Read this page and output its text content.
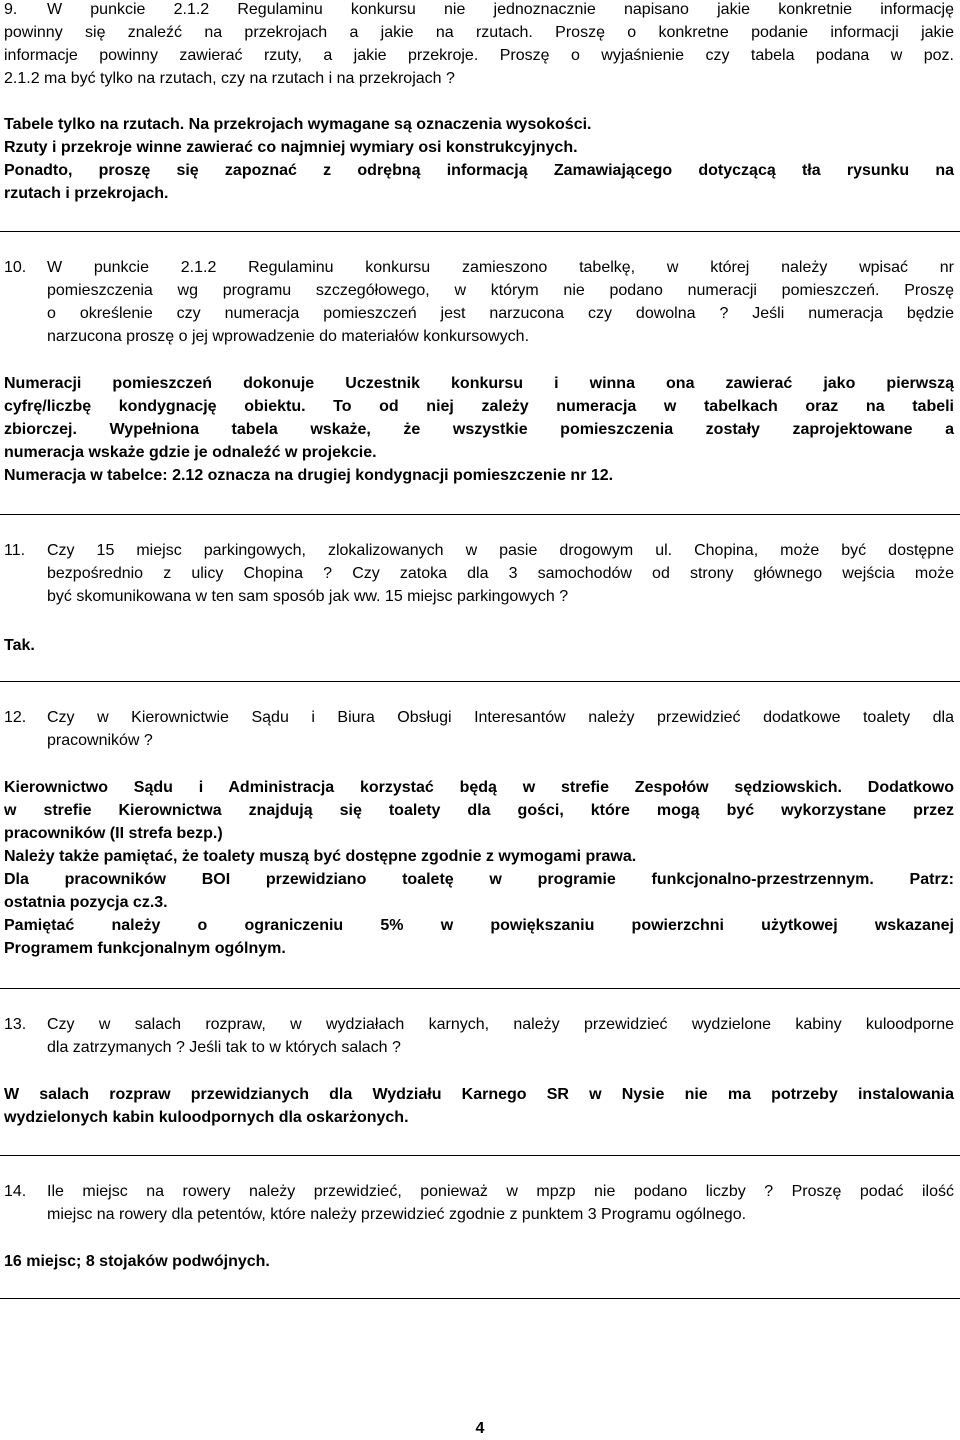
9.	W punkcie 2.1.2 Regulaminu konkursu nie jednoznacznie napisano jakie konkretnie informację
powinny się znaleźć na przekrojach a jakie na rzutach. Proszę o konkretne podanie informacji jakie
informacje powinny zawierać rzuty, a jakie przekroje. Proszę o wyjaśnienie czy tabela podana w poz.
2.1.2 ma być tylko na rzutach, czy na rzutach i na przekrojach ?
Tabele tylko na rzutach. Na przekrojach wymagane są oznaczenia wysokości.
Rzuty i przekroje winne zawierać co najmniej wymiary osi konstrukcyjnych.
Ponadto, proszę się zapoznać z odrębną informacją Zamawiającego dotyczącą tła rysunku na
rzutach i przekrojach.
10.	W punkcie 2.1.2 Regulaminu konkursu zamieszono tabelkę, w której należy wpisać nr
pomieszczenia wg programu szczegółowego, w którym nie podano numeracji pomieszczeń. Proszę
o określenie czy numeracja pomieszczeń jest narzucona czy dowolna ? Jeśli numeracja będzie
narzucona proszę o jej wprowadzenie do materiałów konkursowych.
Numeracji pomieszczeń dokonuje Uczestnik konkursu i winna ona zawierać jako pierwszą
cyfrę/liczbę kondygnację obiektu. To od niej zależy numeracja w tabelkach oraz na tabeli
zbiorczej. Wypełniona tabela wskaże, że wszystkie pomieszczenia zostały zaprojektowane a
numeracja wskaże gdzie je odnaleźć w projekcie.
Numeracja w tabelce: 2.12 oznacza na drugiej kondygnacji pomieszczenie nr 12.
11.	Czy 15 miejsc parkingowych, zlokalizowanych w pasie drogowym ul. Chopina, może być dostępne
bezpośrednio z ulicy Chopina ? Czy zatoka dla 3 samochodów od strony głównego wejścia może
być skomunikowana w ten sam sposób jak ww. 15 miejsc parkingowych ?
Tak.
12.	Czy w Kierownictwie Sądu i Biura Obsługi Interesantów należy przewidzieć dodatkowe toalety dla
pracowników ?
Kierownictwo Sądu i Administracja korzystać będą w strefie Zespołów sędziowskich. Dodatkowo
w strefie Kierownictwa znajdują się toalety dla gości, które mogą być wykorzystane przez
pracowników (II strefa bezp.)
Należy także pamiętać, że toalety muszą być dostępne zgodnie z wymogami prawa.
Dla pracowników BOI przewidziano toaletę w programie funkcjonalno-przestrzennym. Patrz:
ostatnia pozycja cz.3.
Pamiętać należy o ograniczeniu 5% w powiększaniu powierzchni użytkowej wskazanej
Programem funkcjonalnym ogólnym.
13.	Czy w salach rozpraw, w wydziałach karnych, należy przewidzieć wydzielone kabiny kuloodporne
dla zatrzymanych ? Jeśli tak to w których salach ?
W salach rozpraw przewidzianych dla Wydziału Karnego SR w Nysie nie ma potrzeby instalowania
wydzielonych kabin kuloodpornych dla oskarżonych.
14.	Ile miejsc na rowery należy przewidzieć, ponieważ w mpzp nie podano liczby ? Proszę podać ilość
miejsc na rowery dla petentów, które należy przewidzieć zgodnie z punktem 3 Programu ogólnego.
16 miejsc; 8 stojaków podwójnych.
4
